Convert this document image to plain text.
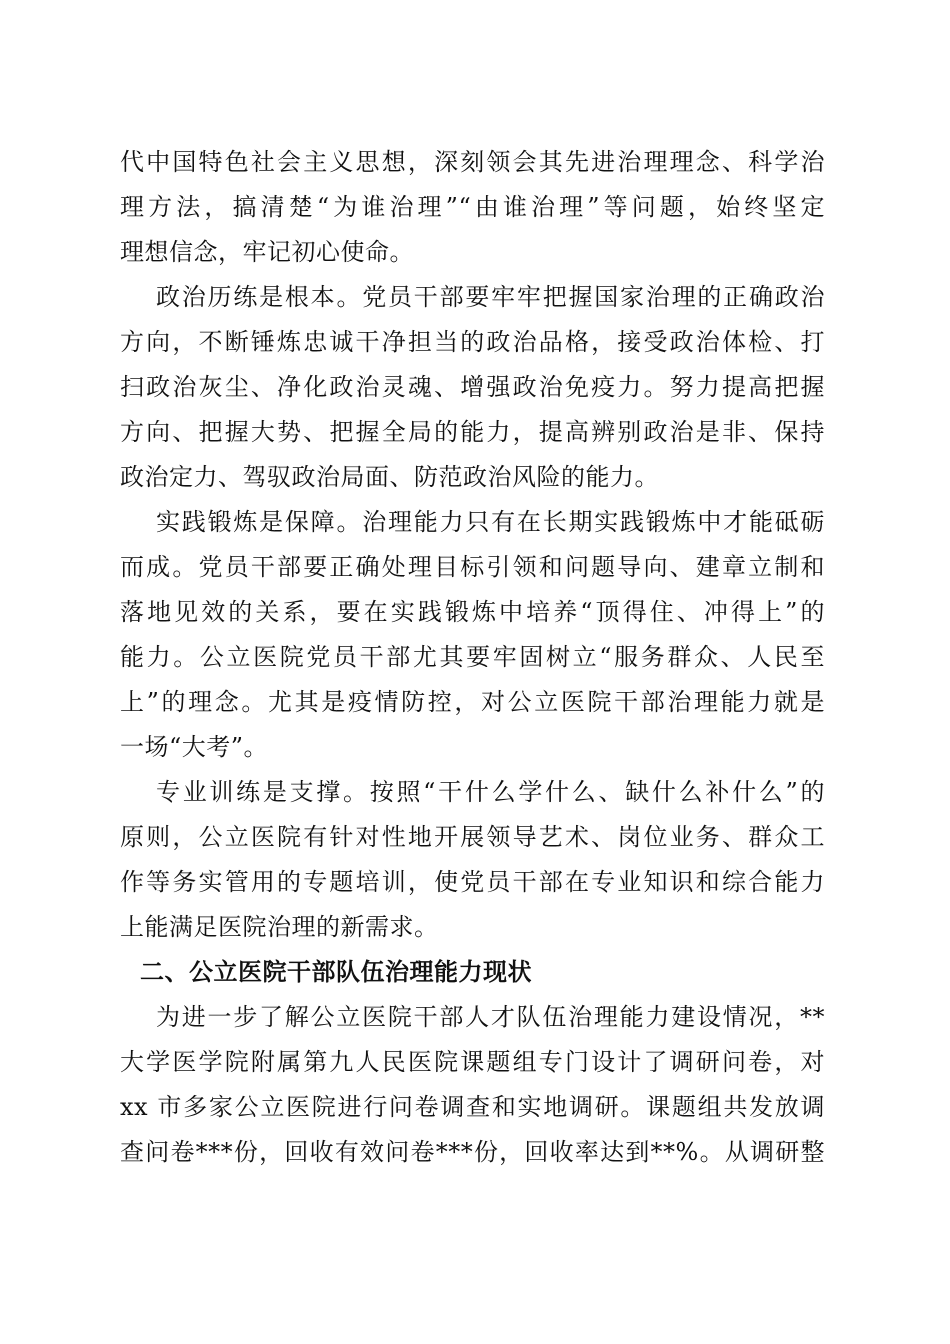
代中国特色社会主义思想，深刻领会其先进治理理念、科学治
理方法，搞清楚“为谁治理”“由谁治理”等问题，始终坚定
理想信念，牢记初心使命。
政治历练是根本。党员干部要牢牢把握国家治理的正确政治
方向，不断锤炼忠诚干净担当的政治品格，接受政治体检、打
扫政治灰尘、净化政治灵魂、增强政治免疫力。努力提高把握
方向、把握大势、把握全局的能力，提高辨别政治是非、保持
政治定力、驾驭政治局面、防范政治风险的能力。
实践锻炼是保障。治理能力只有在长期实践锻炼中才能砥砺
而成。党员干部要正确处理目标引领和问题导向、建章立制和
落地见效的关系，要在实践锻炼中培养“顶得住、冲得上”的
能力。公立医院党员干部尤其要牢固树立“服务群众、人民至
上”的理念。尤其是疫情防控，对公立医院干部治理能力就是
一场“大考”。
专业训练是支撑。按照“干什么学什么、缺什么补什么”的
原则，公立医院有针对性地开展领导艺术、岗位业务、群众工
作等务实管用的专题培训，使党员干部在专业知识和综合能力
上能满足医院治理的新需求。
二、公立医院干部队伍治理能力现状
为进一步了解公立医院干部人才队伍治理能力建设情况，**
大学医学院附属第九人民医院课题组专门设计了调研问卷，对
xx 市多家公立医院进行问卷调查和实地调研。课题组共发放调
查问卷***份，回收有效问卷***份，回收率达到**%。从调研整
